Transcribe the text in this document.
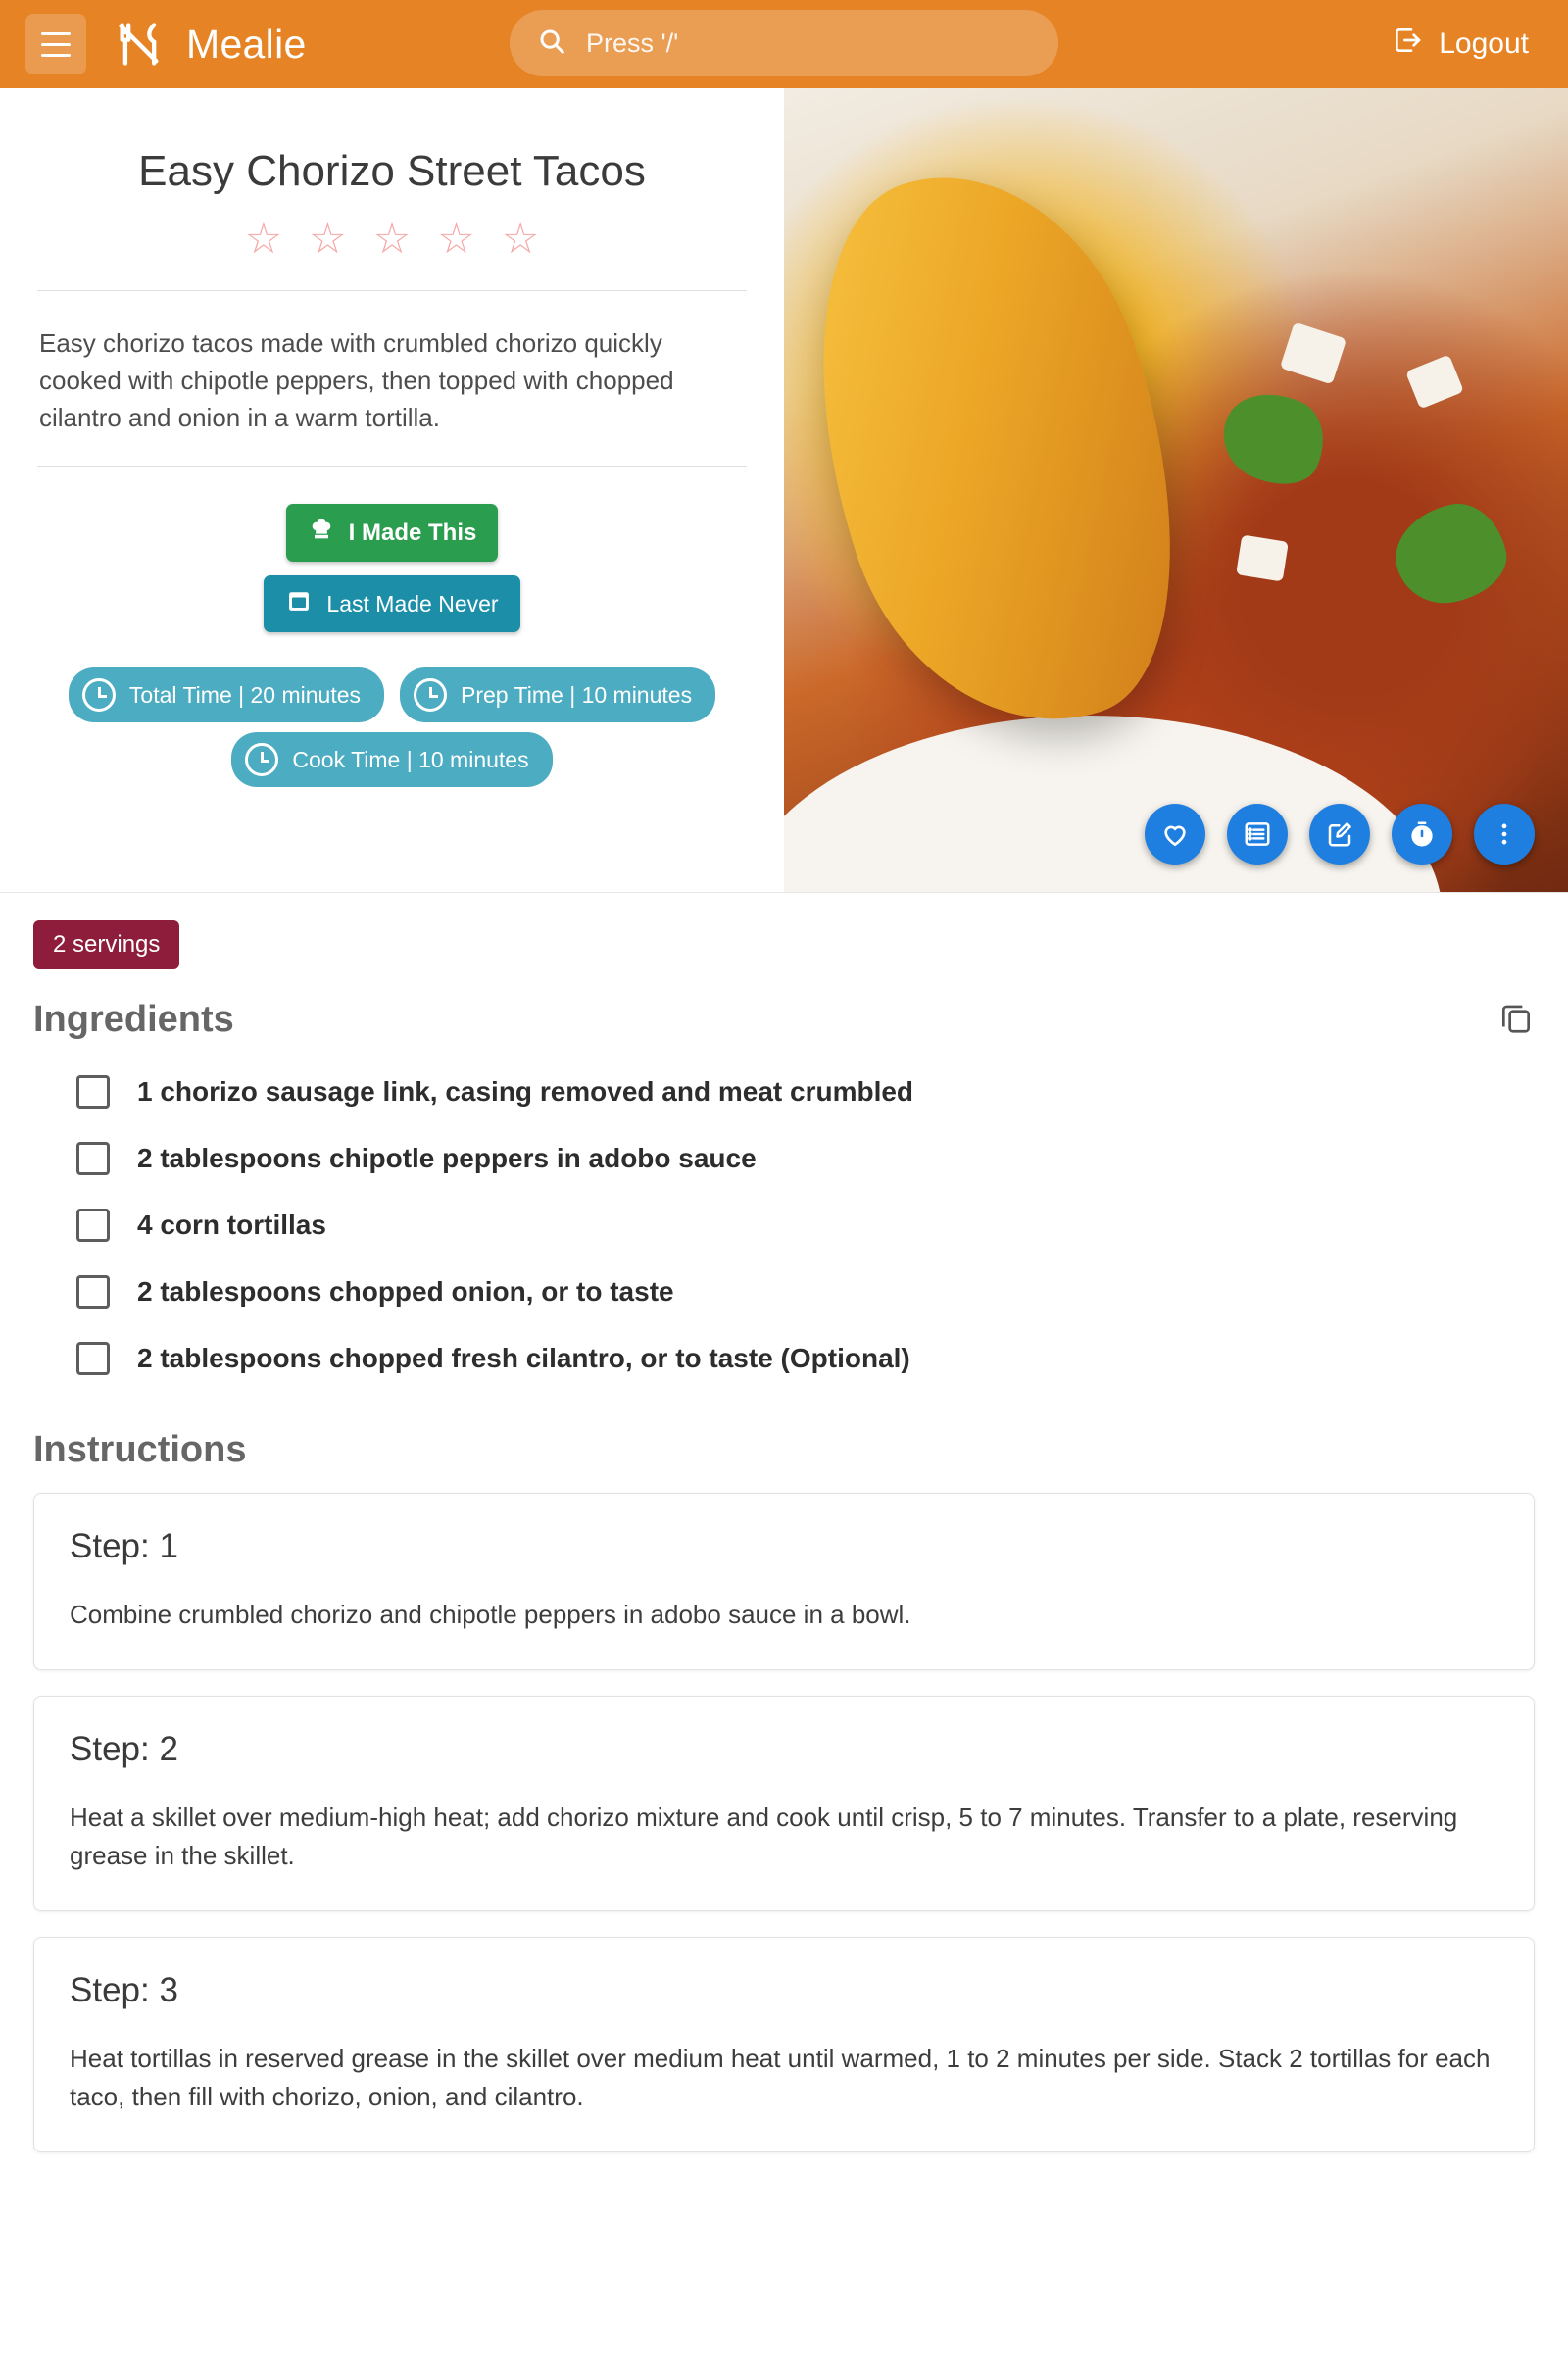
Mealie
Press '/'	Logout
Easy Chorizo Street Tacos
☆ ☆ ☆ ☆ ☆
Easy chorizo tacos made with crumbled chorizo quickly cooked with chipotle peppers, then topped with chopped cilantro and onion in a warm tortilla.
I Made This
Last Made Never
Total Time | 20 minutes	Prep Time | 10 minutes
Cook Time | 10 minutes
2 servings
Ingredients
1 chorizo sausage link, casing removed and meat crumbled
2 tablespoons chipotle peppers in adobo sauce
4 corn tortillas
2 tablespoons chopped onion, or to taste
2 tablespoons chopped fresh cilantro, or to taste (Optional)
Instructions
Step: 1
Combine crumbled chorizo and chipotle peppers in adobo sauce in a bowl.
Step: 2
Heat a skillet over medium-high heat; add chorizo mixture and cook until crisp, 5 to 7 minutes. Transfer to a plate, reserving grease in the skillet.
Step: 3
Heat tortillas in reserved grease in the skillet over medium heat until warmed, 1 to 2 minutes per side. Stack 2 tortillas for each taco, then fill with chorizo, onion, and cilantro.
